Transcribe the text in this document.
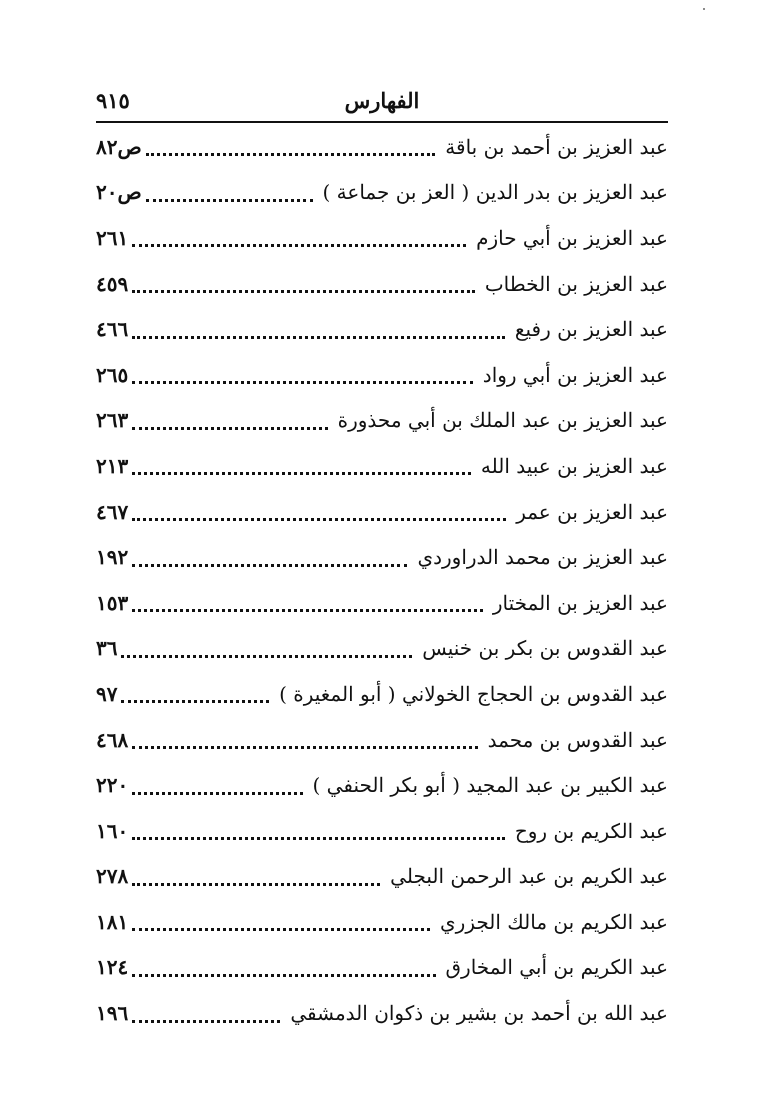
٩١٥	الفهارس
عبد العزيز بن أحمد بن باقة
ص٨٢
عبد العزيز بن بدر الدين ( العز بن جماعة )
ص٢٠
عبد العزيز بن أبي حازم
٢٦١
عبد العزيز بن الخطاب
٤٥٩
عبد العزيز بن رفيع
٤٦٦
عبد العزيز بن أبي رواد
٢٦٥
عبد العزيز بن عبد الملك بن أبي محذورة
٢٦٣
عبد العزيز بن عبيد الله
٢١٣
عبد العزيز بن عمر
٤٦٧
عبد العزيز بن محمد الدراوردي
١٩٢
عبد العزيز بن المختار
١٥٣
عبد القدوس بن بكر بن خنيس
٣٦
عبد القدوس بن الحجاج الخولاني ( أبو المغيرة )
٩٧
عبد القدوس بن محمد
٤٦٨
عبد الكبير بن عبد المجيد ( أبو بكر الحنفي )
٢٢٠
عبد الكريم بن روح
١٦٠
عبد الكريم بن عبد الرحمن البجلي
٢٧٨
عبد الكريم بن مالك الجزري
١٨١
عبد الكريم بن أبي المخارق
١٢٤
عبد الله بن أحمد بن بشير بن ذكوان الدمشقي
١٩٦
